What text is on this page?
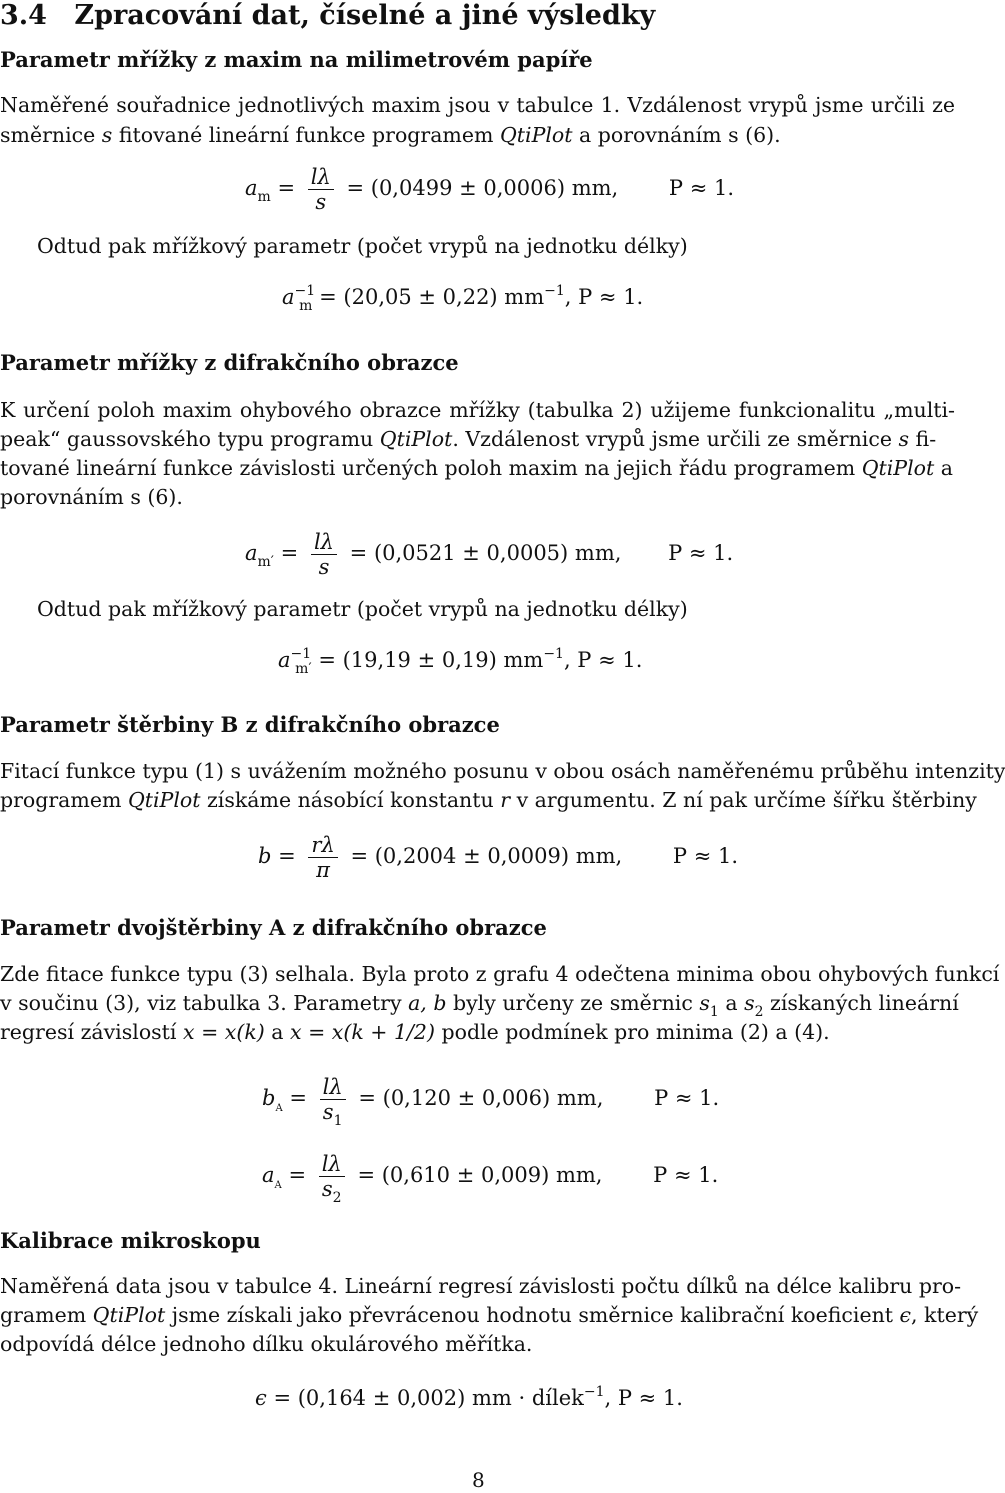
3.4 Zpracování dat, číselné a jiné výsledky
Parametr mřížky z maxim na milimetrovém papíře
Naměřené souřadnice jednotlivých maxim jsou v tabulce 1. Vzdálenost vrypů jsme určili ze
směrnice s fitované lineární funkce programem QtiPlot a porovnáním s (6).
$a_m = \frac{l\lambda}{s} = (0,0499 \pm 0,0006)$ mm, P ≈ 1.
Odtud pak mřížkový parametr (počet vrypů na jednotku délky)
$a^{-1}_m = (20,05 \pm 0,22)$ $mm^{-1}$, P ≈ 1.
Parametr mřížky z difrakčního obrazce
K určení poloh maxim ohybového obrazce mřížky (tabulka 2) užijeme funkcionalitu „multi-
peak“ gaussovského typu programu QtiPlot. Vzdálenost vrypů jsme určili ze směrnice s fi-
tované lineární funkce závislosti určených poloh maxim na jejich řádu programem QtiPlot a
porovnáním s (6).
$a_{m'} = \frac{l\lambda}{s} = (0,0521 \pm 0,0005)$ mm, P ≈ 1.
Odtud pak mřížkový parametr (počet vrypů na jednotku délky)
$a^{-1}_{m'} = (19,19 \pm 0,19)$ $mm^{-1}$, P ≈ 1.
Parametr štěrbiny B z difrakčního obrazce
Fitací funkce typu (1) s uvážením možného posunu v obou osách naměřenému průběhu intenzity
programem QtiPlot získáme násobící konstantu r v argumentu. Z ní pak určíme šířku štěrbiny
$b = \frac{r\lambda}{\pi} = (0,2004 \pm 0,0009)$ mm, P ≈ 1.
Parametr dvojštěrbiny A z difrakčního obrazce
Zde fitace funkce typu (3) selhala. Byla proto z grafu 4 odečtena minima obou ohybových funkcí
v součinu (3), viz tabulka 3. Parametry a, b byly určeny ze směrnic $s_1$ a $s_2$ získaných lineární
regresí závislostí x = x(k) a x = x(k + 1/2) podle podmínek pro minima (2) a (4).
$b_A = \frac{l\lambda}{s_1} = (0,120 \pm 0,006)$ mm, P ≈ 1.
$a_A = \frac{l\lambda}{s_2} = (0,610 \pm 0,009)$ mm, P ≈ 1.
Kalibrace mikroskopu
Naměřená data jsou v tabulce 4. Lineární regresí závislosti počtu dílků na délce kalibru pro-
gramem QtiPlot jsme získali jako převrácenou hodnotu směrnice kalibrační koeficient ϵ, který
odpovídá délce jednoho dílku okulárového měřítka.
ϵ = (0,164 ± 0,002) mm · dílek$^{-1}$, P ≈ 1.
8
